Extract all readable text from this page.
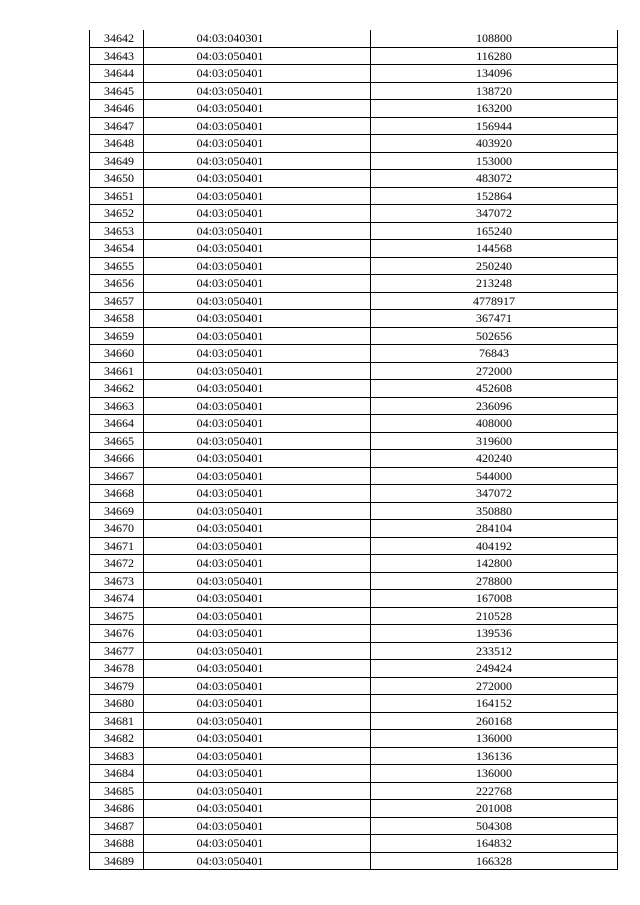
34642	04:03:040301	108800
34643	04:03:050401	116280
34644	04:03:050401	134096
34645	04:03:050401	138720
34646	04:03:050401	163200
34647	04:03:050401	156944
34648	04:03:050401	403920
34649	04:03:050401	153000
34650	04:03:050401	483072
34651	04:03:050401	152864
34652	04:03:050401	347072
34653	04:03:050401	165240
34654	04:03:050401	144568
34655	04:03:050401	250240
34656	04:03:050401	213248
34657	04:03:050401	4778917
34658	04:03:050401	367471
34659	04:03:050401	502656
34660	04:03:050401	76843
34661	04:03:050401	272000
34662	04:03:050401	452608
34663	04:03:050401	236096
34664	04:03:050401	408000
34665	04:03:050401	319600
34666	04:03:050401	420240
34667	04:03:050401	544000
34668	04:03:050401	347072
34669	04:03:050401	350880
34670	04:03:050401	284104
34671	04:03:050401	404192
34672	04:03:050401	142800
34673	04:03:050401	278800
34674	04:03:050401	167008
34675	04:03:050401	210528
34676	04:03:050401	139536
34677	04:03:050401	233512
34678	04:03:050401	249424
34679	04:03:050401	272000
34680	04:03:050401	164152
34681	04:03:050401	260168
34682	04:03:050401	136000
34683	04:03:050401	136136
34684	04:03:050401	136000
34685	04:03:050401	222768
34686	04:03:050401	201008
34687	04:03:050401	504308
34688	04:03:050401	164832
34689	04:03:050401	166328
